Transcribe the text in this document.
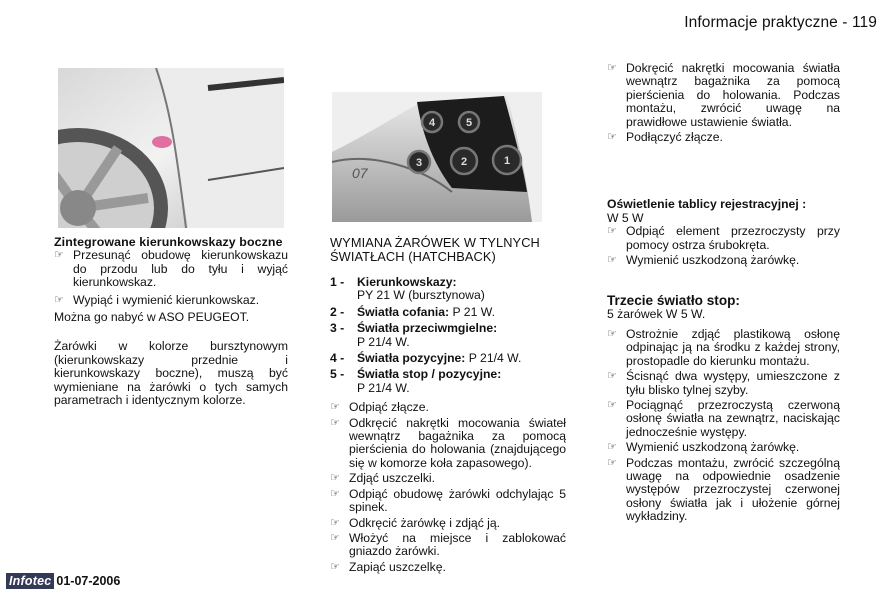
Informacje praktyczne - 119
07
4	5
3	2	1
Zintegrowane kierunkowskazy boczne

☞ Przesunąć obudowę kierunkowskazu do przodu lub do tyłu i wyjąć kierunkowskaz.

☞ Wypiąć i wymienić kierunkowskaz.

Można go nabyć w ASO PEUGEOT.

Żarówki w kolorze bursztynowym (kierunkowskazy przednie i kierunkowskazy boczne), muszą być wymieniane na żarówki o tych samych parametrach i identycznym kolorze.

WYMIANA ŻARÓWEK W TYLNYCH ŚWIATŁACH (HATCHBACK)
1 - Kierunkowskazy:
PY 21 W (bursztynowa)
2 - Światła cofania: P 21 W.
3 - Światła przeciwmgielne:
P 21/4 W.
4 - Światła pozycyjne: P 21/4 W.
5 - Światła stop / pozycyjne:
P 21/4 W.

☞ Odpiąć złącze.

☞ Odkręcić nakrętki mocowania świateł wewnątrz bagażnika za pomocą pierścienia do holowania (znajdującego się w komorze koła zapasowego).

☞ Zdjąć uszczelki.

☞ Odpiąć obudowę żarówki odchylając 5 spinek.

☞ Odkręcić żarówkę i zdjąć ją.

☞ Włożyć na miejsce i zablokować gniazdo żarówki.

☞ Zapiąć uszczelkę.

☞ Dokręcić nakrętki mocowania światła wewnątrz bagażnika za pomocą pierścienia do holowania. Podczas montażu, zwrócić uwagę na prawidłowe ustawienie światła.

☞ Podłączyć złącze.

Oświetlenie tablicy rejestracyjnej :
W 5 W

☞ Odpiąć element przezroczysty przy pomocy ostrza śrubokręta.

☞ Wymienić uszkodzoną żarówkę.

Trzecie światło stop:
5 żarówek W 5 W.

☞ Ostrożnie zdjąć plastikową osłonę odpinając ją na środku z każdej strony, prostopadle do kierunku montażu.

☞ Ścisnąć dwa występy, umieszczone z tyłu blisko tylnej szyby.

☞ Pociągnąć przezroczystą czerwoną osłonę światła na zewnątrz, naciskając jednocześnie występy.

☞ Wymienić uszkodzoną żarówkę.

☞ Podczas montażu, zwrócić szczególną uwagę na odpowiednie osadzenie występów przezroczystej czerwonej osłony światła jak i ułożenie górnej wykładziny.

Infotec 01-07-2006
